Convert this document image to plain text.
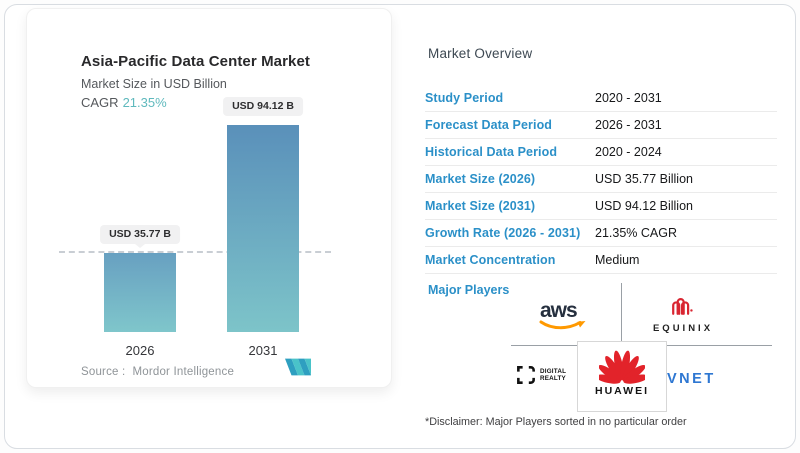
Asia-Pacific Data Center Market
Market Size in USD Billion
CAGR 21.35%
USD 35.77 B
USD 94.12 B
2026	2031
Source : Mordor Intelligence
Market Overview
Study Period	2020 - 2031
Forecast Data Period	2026 - 2031
Historical Data Period	2020 - 2024
Market Size (2026)	USD 35.77 Billion
Market Size (2031)	USD 94.12 Billion
Growth Rate (2026 - 2031)	21.35% CAGR
Market Concentration	Medium
Major Players
aws
EQUINIX
DIGITAL
REALTY
HUAWEI
VNET
*Disclaimer: Major Players sorted in no particular order
